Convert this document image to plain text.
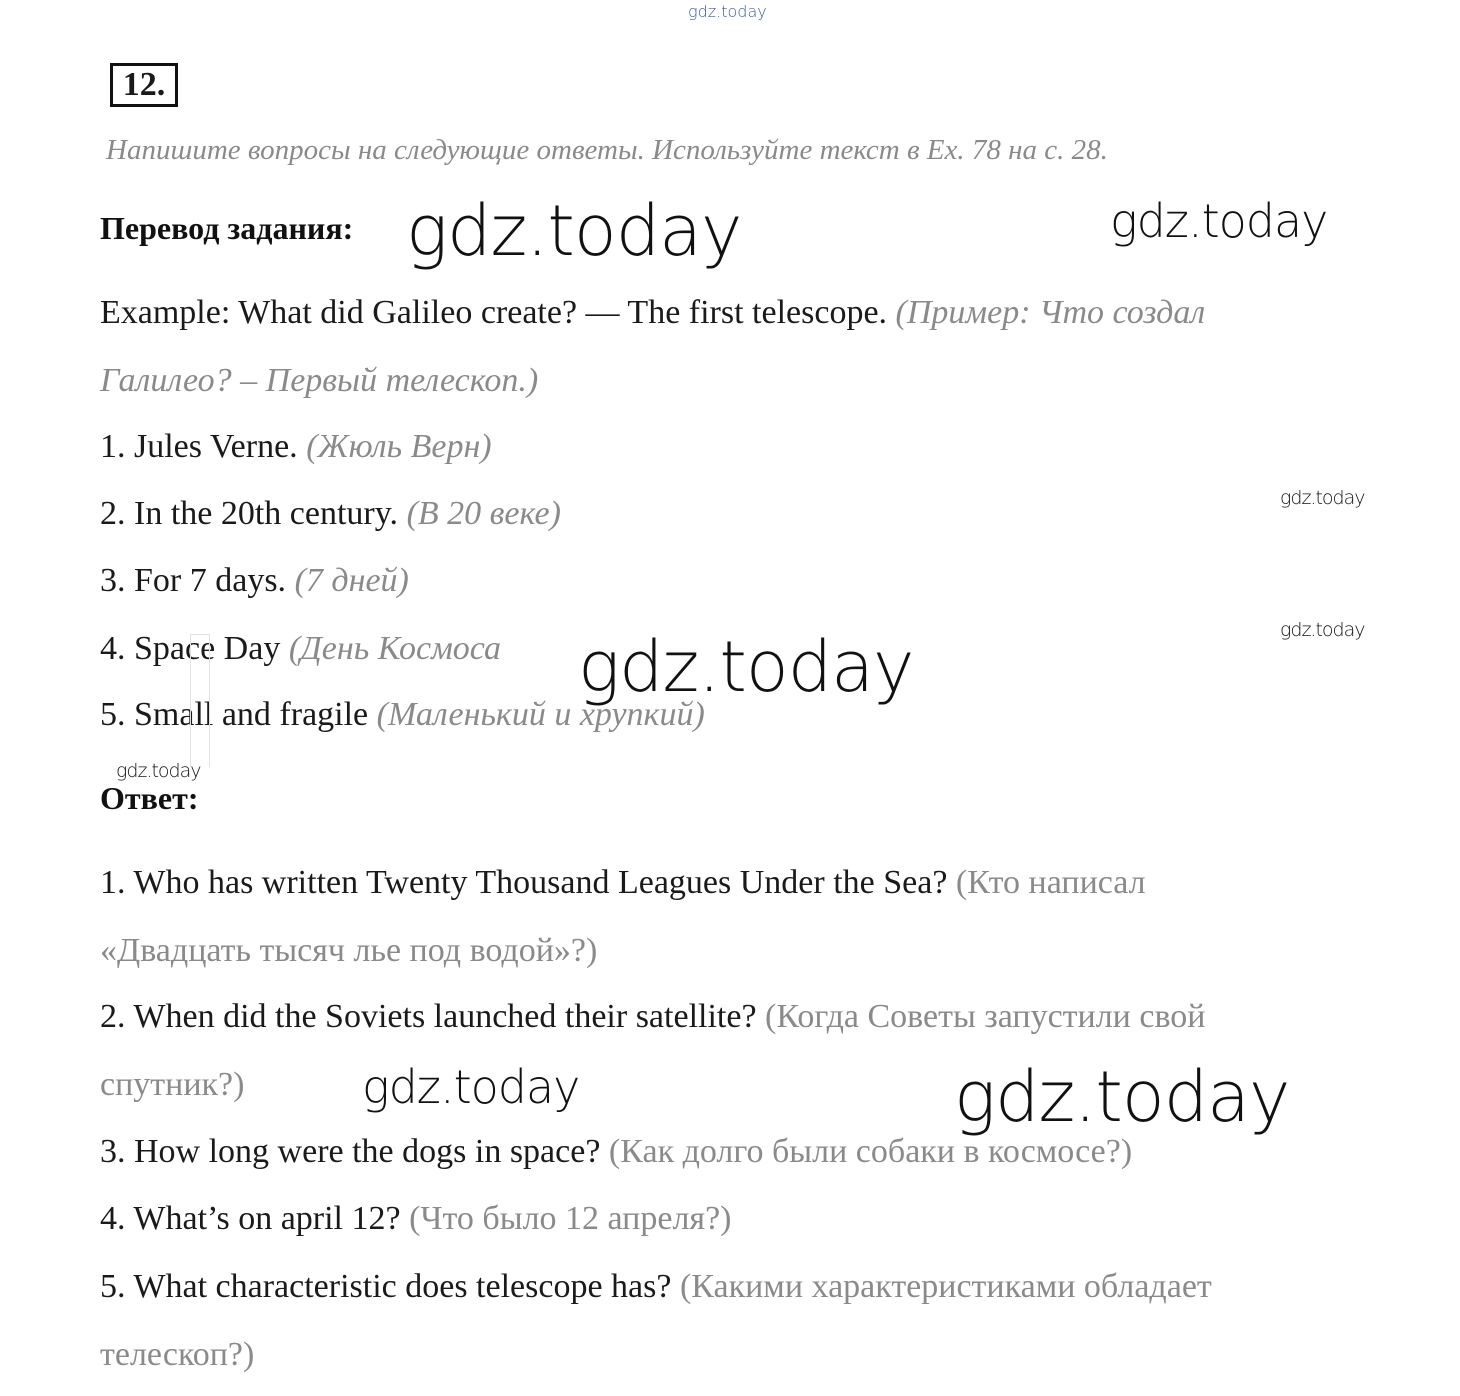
gdz.today
gdz.today	gdz.today
gdz.today
gdz.today
gdz.today
gdz.today
gdz.today	gdz.today
12.
Напишите вопросы на следующие ответы. Используйте текст в Ex. 78 на с. 28.
Перевод задания:
Example: What did Galileo create? — The first telescope. (Пример: Что создал
Галилео? – Первый телескоп.)
1. Jules Verne. (Жюль Верн)
2. In the 20th century. (В 20 веке)
3. For 7 days. (7 дней)
4. Space Day (День Космоса
5. Small and fragile (Маленький и хрупкий)
Ответ:
1. Who has written Twenty Thousand Leagues Under the Sea? (Кто написал
«Двадцать тысяч лье под водой»?)
2. When did the Soviets launched their satellite? (Когда Советы запустили свой
спутник?)
3. How long were the dogs in space? (Как долго были собаки в космосе?)
4. What’s on april 12? (Что было 12 апреля?)
5. What characteristic does telescope has? (Какими характеристиками обладает
телескоп?)
